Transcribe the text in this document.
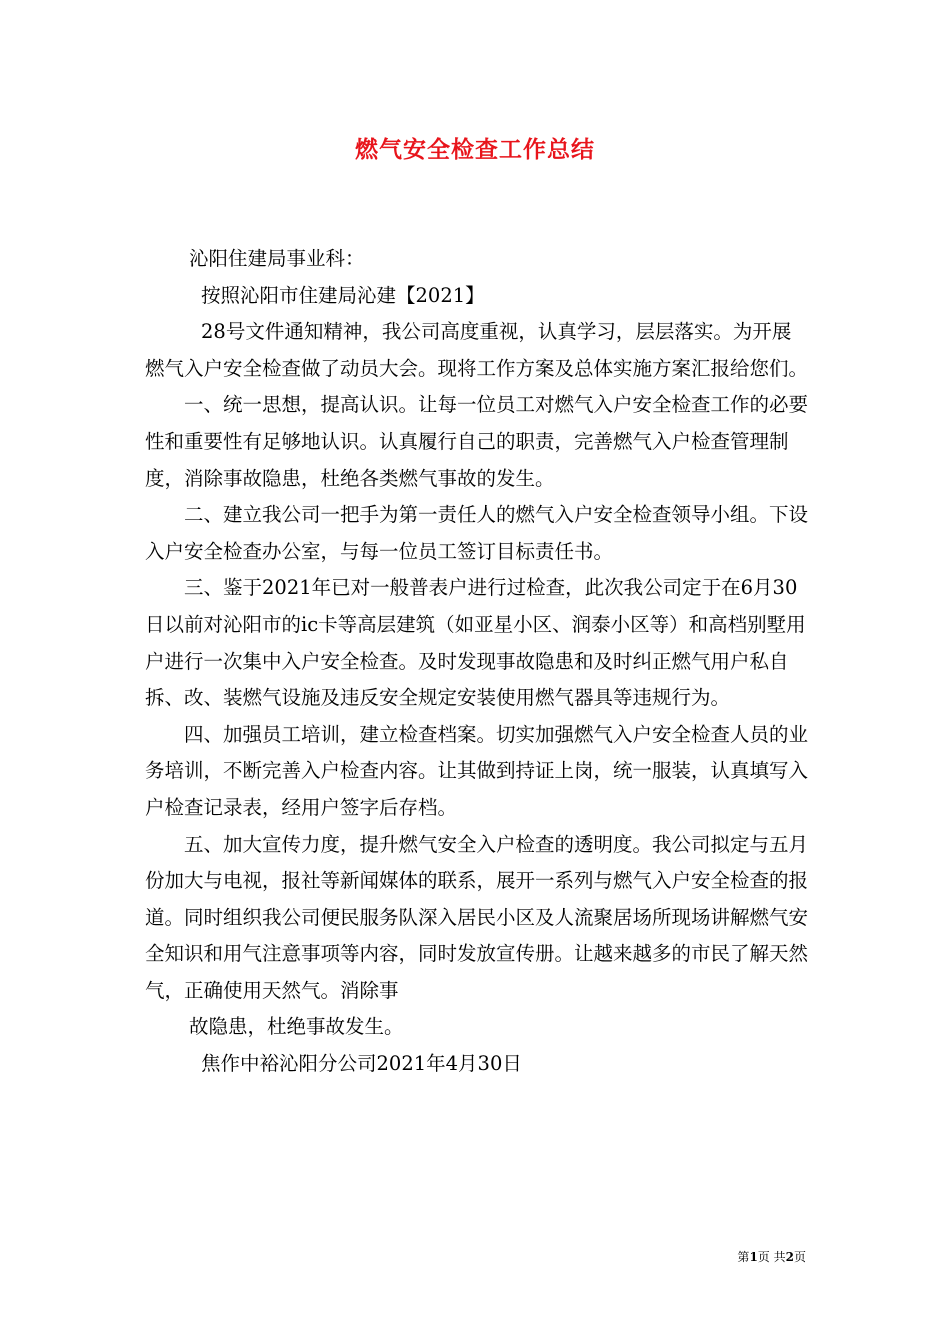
燃气安全检查工作总结

沁阳住建局事业科：

按照沁阳市住建局沁建【2021】

28号文件通知精神，我公司高度重视，认真学习，层层落实。为开展燃气入户安全检查做了动员大会。现将工作方案及总体实施方案汇报给您们。

一、统一思想，提高认识。让每一位员工对燃气入户安全检查工作的必要性和重要性有足够地认识。认真履行自己的职责，完善燃气入户检查管理制度，消除事故隐患，杜绝各类燃气事故的发生。

二、建立我公司一把手为第一责任人的燃气入户安全检查领导小组。下设入户安全检查办公室，与每一位员工签订目标责任书。

三、鉴于2021年已对一般普表户进行过检查，此次我公司定于在6月30日以前对沁阳市的ic卡等高层建筑（如亚星小区、润泰小区等）和高档别墅用户进行一次集中入户安全检查。及时发现事故隐患和及时纠正燃气用户私自拆、改、装燃气设施及违反安全规定安装使用燃气器具等违规行为。

四、加强员工培训，建立检查档案。切实加强燃气入户安全检查人员的业务培训，不断完善入户检查内容。让其做到持证上岗，统一服装，认真填写入户检查记录表，经用户签字后存档。

五、加大宣传力度，提升燃气安全入户检查的透明度。我公司拟定与五月份加大与电视，报社等新闻媒体的联系，展开一系列与燃气入户安全检查的报道。同时组织我公司便民服务队深入居民小区及人流聚居场所现场讲解燃气安全知识和用气注意事项等内容，同时发放宣传册。让越来越多的市民了解天然气，正确使用天然气。消除事

故隐患，杜绝事故发生。

焦作中裕沁阳分公司2021年4月30日

第1页 共2页
